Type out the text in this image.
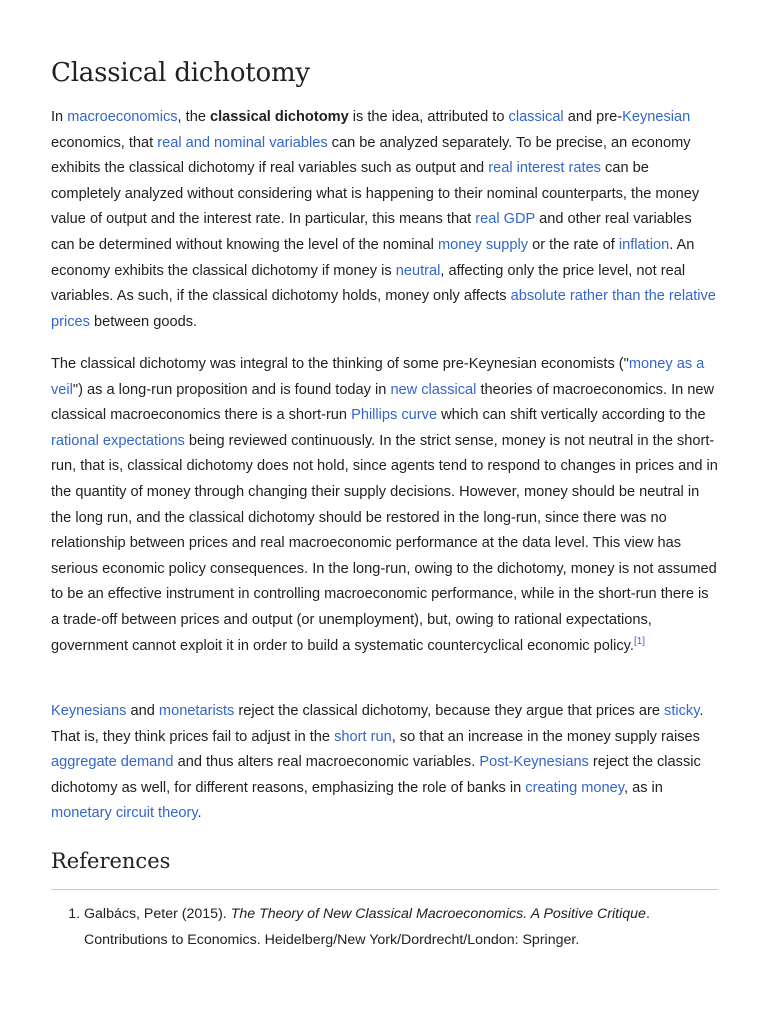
Classical dichotomy

In macroeconomics, the classical dichotomy is the idea, attributed to classical and pre-Keynesian economics, that real and nominal variables can be analyzed separately. To be precise, an economy exhibits the classical dichotomy if real variables such as output and real interest rates can be completely analyzed without considering what is happening to their nominal counterparts, the money value of output and the interest rate. In particular, this means that real GDP and other real variables can be determined without knowing the level of the nominal money supply or the rate of inflation. An economy exhibits the classical dichotomy if money is neutral, affecting only the price level, not real variables. As such, if the classical dichotomy holds, money only affects absolute rather than the relative prices between goods.

The classical dichotomy was integral to the thinking of some pre-Keynesian economists ("money as a veil") as a long-run proposition and is found today in new classical theories of macroeconomics. In new classical macroeconomics there is a short-run Phillips curve which can shift vertically according to the rational expectations being reviewed continuously. In the strict sense, money is not neutral in the short-run, that is, classical dichotomy does not hold, since agents tend to respond to changes in prices and in the quantity of money through changing their supply decisions. However, money should be neutral in the long run, and the classical dichotomy should be restored in the long-run, since there was no relationship between prices and real macroeconomic performance at the data level. This view has serious economic policy consequences. In the long-run, owing to the dichotomy, money is not assumed to be an effective instrument in controlling macroeconomic performance, while in the short-run there is a trade-off between prices and output (or unemployment), but, owing to rational expectations, government cannot exploit it in order to build a systematic countercyclical economic policy.[1]

Keynesians and monetarists reject the classical dichotomy, because they argue that prices are sticky. That is, they think prices fail to adjust in the short run, so that an increase in the money supply raises aggregate demand and thus alters real macroeconomic variables. Post-Keynesians reject the classic dichotomy as well, for different reasons, emphasizing the role of banks in creating money, as in monetary circuit theory.

References
1. Galbács, Peter (2015). The Theory of New Classical Macroeconomics. A Positive Critique. Contributions to Economics. Heidelberg/New York/Dordrecht/London: Springer.
